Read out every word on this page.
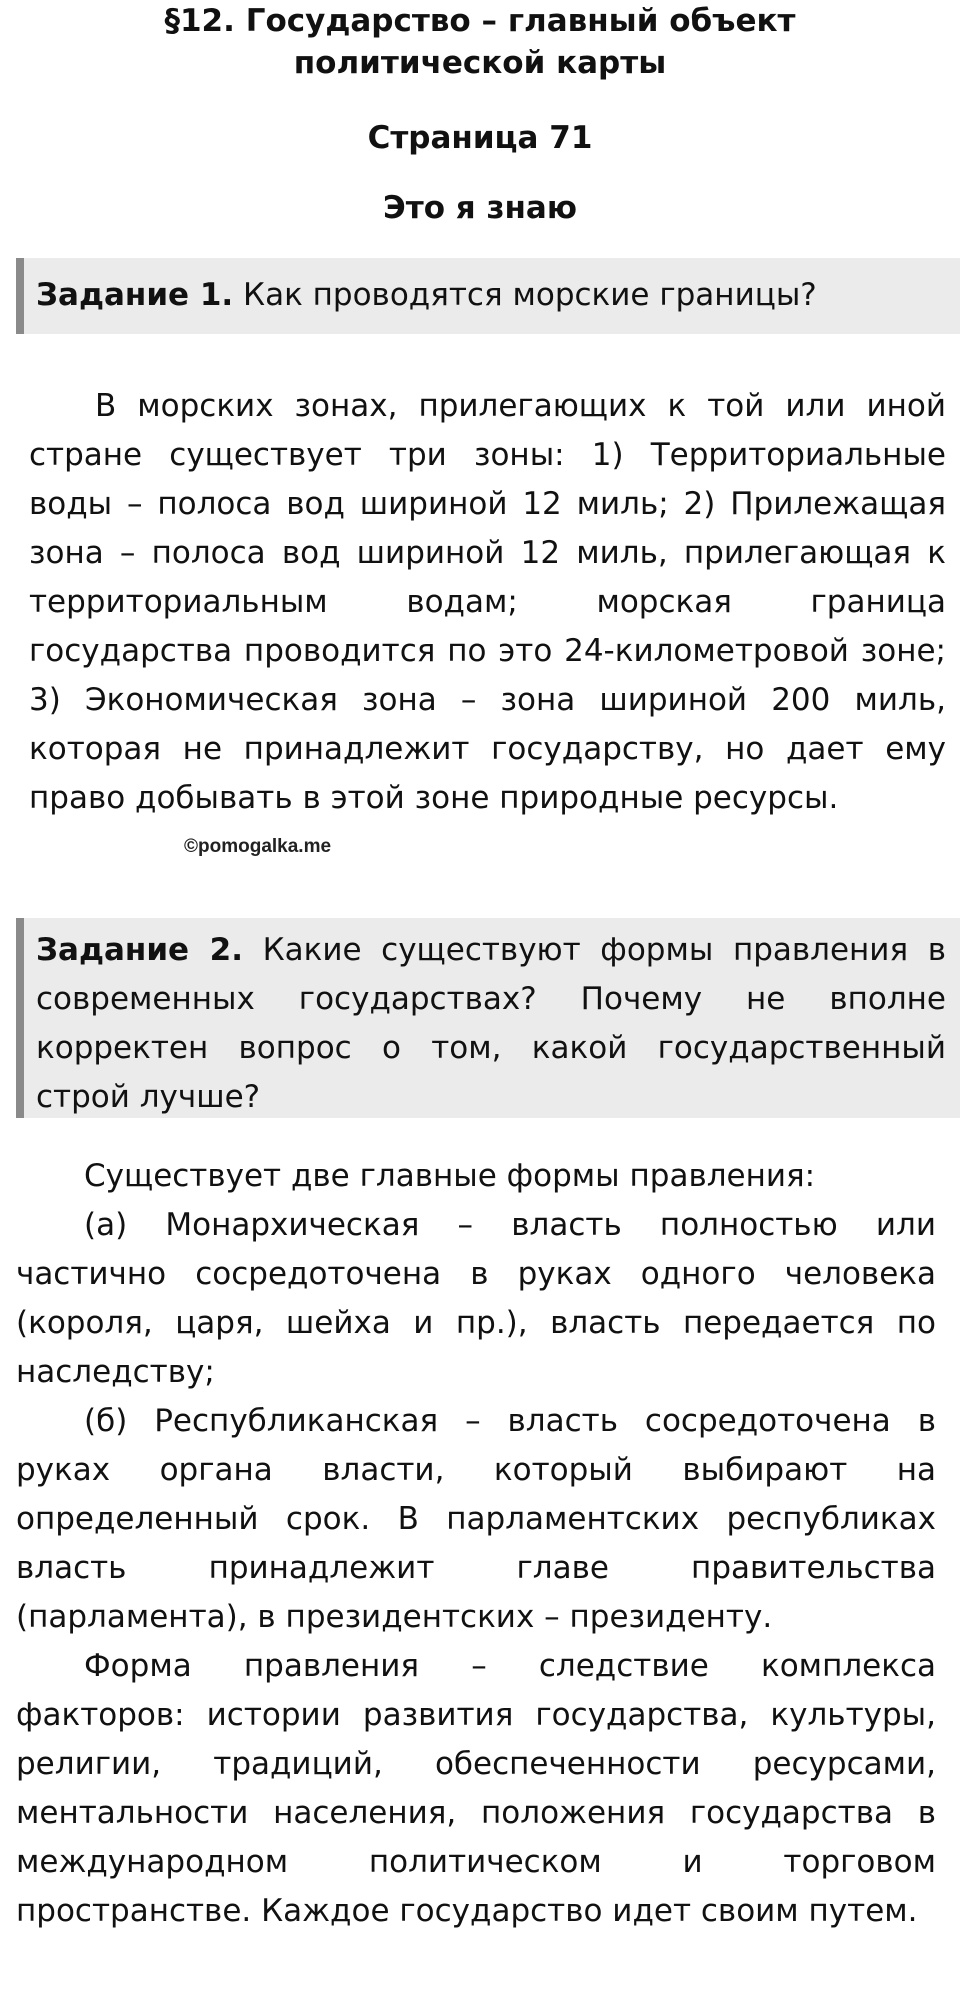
§12. Государство – главный объект политической карты
Страница 71
Это я знаю
Задание 1. Как проводятся морские границы?

В морских зонах, прилегающих к той или иной стране существует три зоны: 1) Территориальные воды – полоса вод шириной 12 миль; 2) Прилежащая зона – полоса вод шириной 12 миль, прилегающая к территориальным водам; морская граница государства проводится по это 24-километровой зоне; 3) Экономическая зона – зона шириной 200 миль, которая не принадлежит государству, но дает ему право добывать в этой зоне природные ресурсы.

©pomogalka.me
Задание 2. Какие существуют формы правления в современных государствах? Почему не вполне корректен вопрос о том, какой государственный строй лучше?

Существует две главные формы правления:

(а) Монархическая – власть полностью или частично сосредоточена в руках одного человека (короля, царя, шейха и пр.), власть передается по наследству;

(б) Республиканская – власть сосредоточена в руках органа власти, который выбирают на определенный срок. В парламентских республиках власть принадлежит главе правительства (парламента), в президентских – президенту.

Форма правления – следствие комплекса факторов: истории развития государства, культуры, религии, традиций, обеспеченности ресурсами, ментальности населения, положения государства в международном политическом и торговом пространстве. Каждое государство идет своим путем.
